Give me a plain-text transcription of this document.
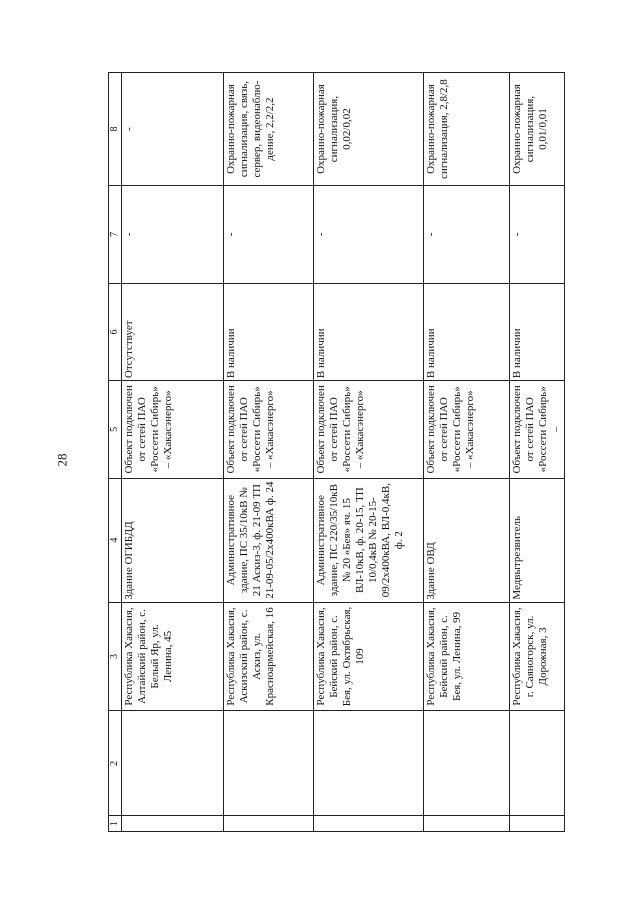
28
1	2	3	4	5	6	7	8
		Республика Хакасия, Алтайский район, с. Белый Яр, ул. Ленина, 45	Здание ОГИБДД	Объект подключен от сетей ПАО «Россети Сибирь» – «Хакасэнерго»	Отсутствует	-	-
		Республика Хакасия, Аскизский район, с. Аскиз, ул. Красноармейская, 16	Административное здание, ПС 35/10кВ № 21 Аскиз-3, ф. 21-09 ТП 21-09-05/2х400кВА ф. 24	Объект подключен от сетей ПАО «Россети Сибирь» – «Хакасэнерго»	В наличии	-	Охранно-пожарная сигнализация, связь, сервер, видеонаблю-дение, 2,2/2,2
		Республика Хакасия, Бейский район, с. Бея, ул. Октябрьская, 109	Административное здание, ПС 220/35/10кВ № 20 «Бея» яч. 15 ВЛ-10кВ, ф. 20-15, ТП 10/0,4кВ № 20-15-09/2х400кВА, ВЛ-0,4кВ, ф. 2	Объект подключен от сетей ПАО «Россети Сибирь» – «Хакасэнерго»	В наличии	-	Охранно-пожарная сигнализация, 0,02/0,02
		Республика Хакасия, Бейский район, с. Бея, ул. Ленина, 99	Здание ОВД	Объект подключен от сетей ПАО «Россети Сибирь» – «Хакасэнерго»	В наличии	-	Охранно-пожарная сигнализация, 2,8/2,8
		Республика Хакасия, г. Саяногорск, ул. Дорожная, 3	Медвытрезвитель	Объект подключен от сетей ПАО «Россети Сибирь» –	В наличии	-	Охранно-пожарная сигнализация, 0,01/0,01
